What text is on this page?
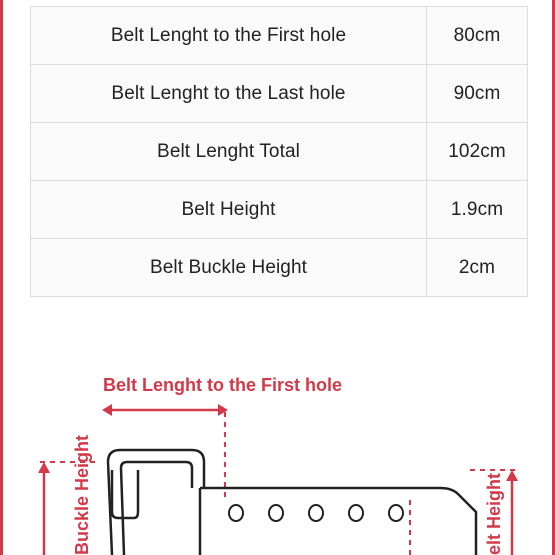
Belt Lenght to the First hole	80cm
Belt Lenght to the Last hole	90cm
Belt Lenght Total	102cm
Belt Height	1.9cm
Belt Buckle Height	2cm
Belt Lenght to the First hole
Buckle Height	elt Height
